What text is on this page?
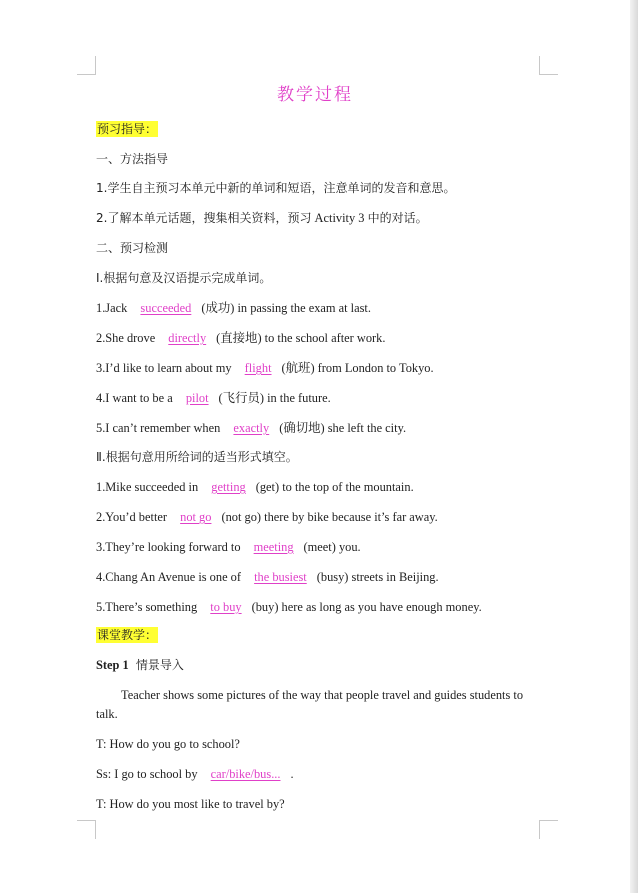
教学过程
预习指导：
一、方法指导
1.学生自主预习本单元中新的单词和短语，注意单词的发音和意思。
2.了解本单元话题，搜集相关资料，预习 Activity 3 中的对话。
二、预习检测
Ⅰ.根据句意及汉语提示完成单词。
1.Jack succeeded (成功) in passing the exam at last.
2.She drove directly (直接地) to the school after work.
3.I’d like to learn about my flight (航班) from London to Tokyo.
4.I want to be a pilot (飞行员) in the future.
5.I can’t remember when exactly (确切地) she left the city.
Ⅱ.根据句意用所给词的适当形式填空。
1.Mike succeeded in getting (get) to the top of the mountain.
2.You’d better not go (not go) there by bike because it’s far away.
3.They’re looking forward to meeting (meet) you.
4.Chang An Avenue is one of the busiest (busy) streets in Beijing.
5.There’s something to buy (buy) here as long as you have enough money.
课堂教学：
Step 1 情景导入
Teacher shows some pictures of the way that people travel and guides students to
talk.
T: How do you go to school?
Ss: I go to school by car/bike/bus... .
T: How do you most like to travel by?
